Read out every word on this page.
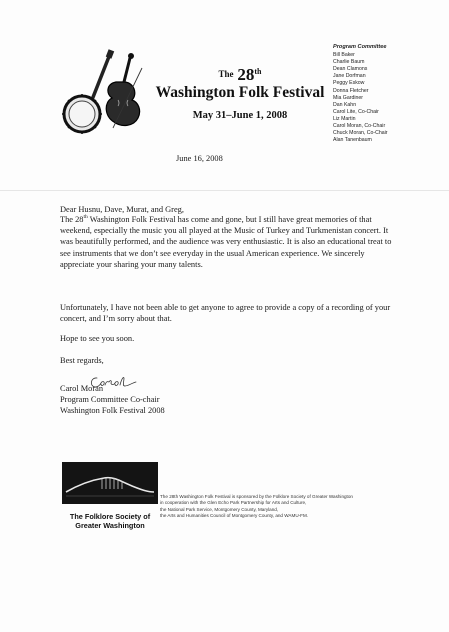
$^{The}$ 28th
Washington Folk Festival
May 31–June 1, 2008
Program Committee
Bill Baker
Charlie Baum
Dean Clamons
Jane Dorfman
Peggy Eskow
Donna Fletcher
Mia Gardiner
Dan Kahn
Carol Lite, Co-Chair
Liz Martin
Carol Moran, Co-Chair
Chuck Moran, Co-Chair
Alan Tanenbaum
June 16, 2008
Dear Husnu, Dave, Murat, and Greg,
The 28th Washington Folk Festival has come and gone, but I still have great memories of that weekend, especially the music you all played at the Music of Turkey and Turkmenistan concert. It was beautifully performed, and the audience was very enthusiastic. It is also an educational treat to see instruments that we don’t see everyday in the usual American experience. We sincerely appreciate your sharing your many talents.
Unfortunately, I have not been able to get anyone to agree to provide a copy of a recording of your concert, and I’m sorry about that.
Hope to see you soon.
Best regards,
Carol Moran
Program Committee Co-chair
Washington Folk Festival 2008
The Folklore Society of
Greater Washington
The 28th Washington Folk Festival is sponsored by the Folklore Society of Greater Washington
in cooperation with the Glen Echo Park Partnership for Arts and Culture,
the National Park Service, Montgomery County, Maryland,
the Arts and Humanities Council of Montgomery County, and WAMU-FM.
